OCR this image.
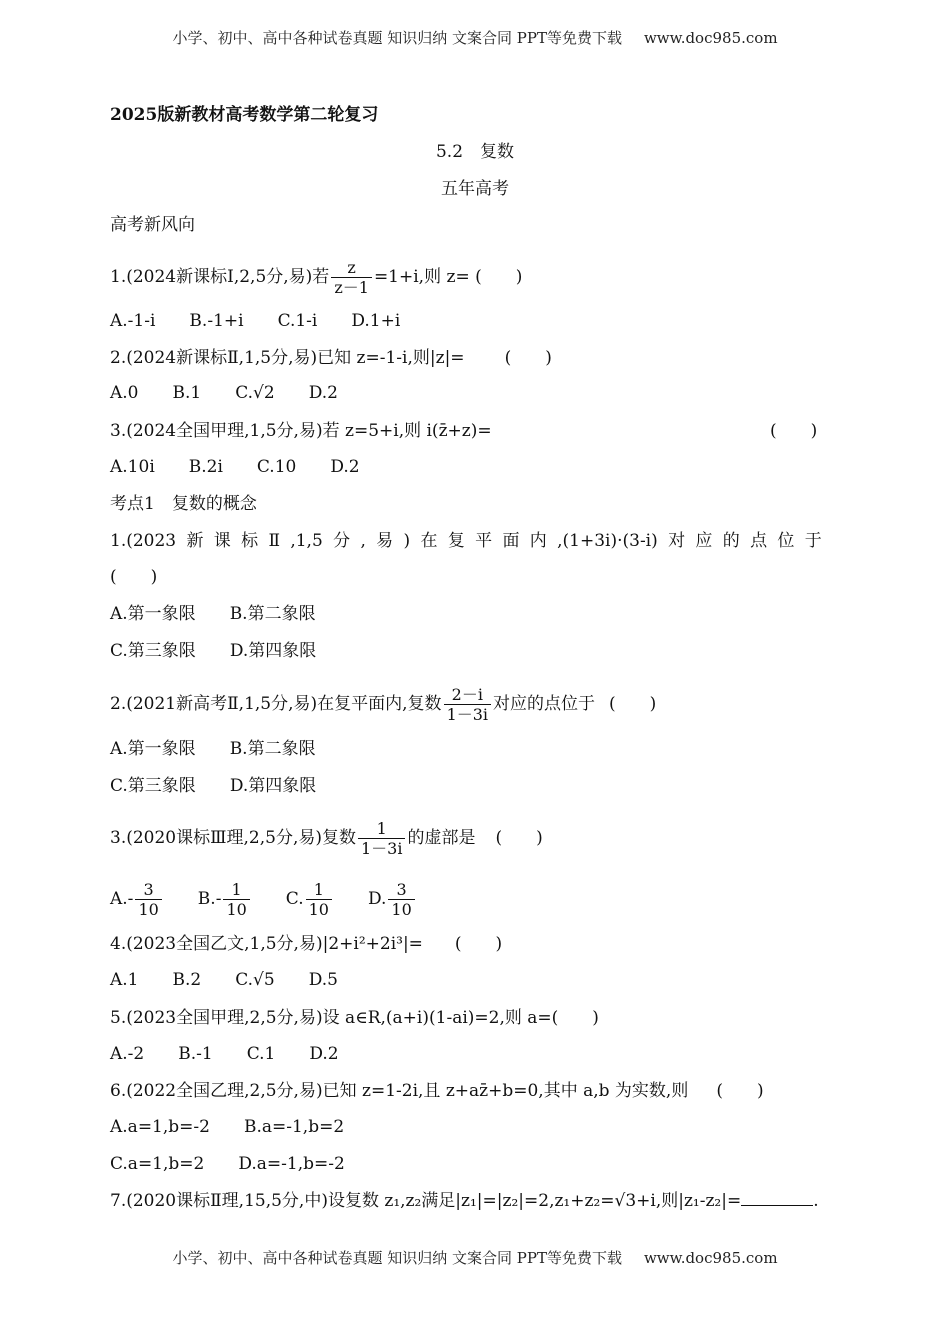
小学、初中、高中各种试卷真题 知识归纳 文案合同 PPT等免费下载 www.doc985.com
2025版新教材高考数学第二轮复习
5.2　复数
五年高考
高考新风向
1.(2024新课标Ⅰ,2,5分,易)若 $\frac{z}{z-1} =1+i$,则 z= (　　)
A.-1-i B.-1+i C.1-i D.1+i
2.(2024新课标Ⅱ,1,5分,易)已知 z=-1-i,则|z|= (　　)
A.0 B.1 C.√2 D.2
3.(2024全国甲理,1,5分,易)若 z=5+i,则 i(z̄+z)=	(　　)
A.10i B.2i C.10 D.2
考点1　复数的概念
1.(2023 新 课 标 Ⅱ ,1,5 分 , 易 ) 在 复 平 面 内 ,(1+3i)·(3-i) 对 应 的 点 位 于
(　　)
A.第一象限 B.第二象限
C.第三象限 D.第四象限
2.(2021新高考Ⅱ,1,5分,易)在复平面内,复数 $\frac{2-i}{1-3i}$ 对应的点位于 (　　)
A.第一象限 B.第二象限
C.第三象限 D.第四象限
3.(2020课标Ⅲ理,2,5分,易)复数 $\frac{1}{1-3i}$ 的虚部是 (　　)
$A.- \frac{3}{10} B.- \frac{1}{10} C$. $\frac{1}{10} D$. $\frac{3}{10}$
4.(2023全国乙文,1,5分,易)|2+i²+2i³|= (　　)
A.1 B.2 C.√5 D.5
5.(2023全国甲理,2,5分,易)设 a∈R,(a+i)(1-ai)=2,则 a=(　　)
A.-2 B.-1 C.1 D.2
6.(2022全国乙理,2,5分,易)已知 z=1-2i,且 z+az̄+b=0,其中 a,b 为实数,则 (　　)
A.a=1,b=-2 B.a=-1,b=2
C.a=1,b=2 D.a=-1,b=-2
7.(2020课标Ⅱ理,15,5分,中)设复数 z₁,z₂满足|z₁|=|z₂|=2,z₁+z₂=√3+i,则|z₁-z₂|=	.
小学、初中、高中各种试卷真题 知识归纳 文案合同 PPT等免费下载 www.doc985.com
